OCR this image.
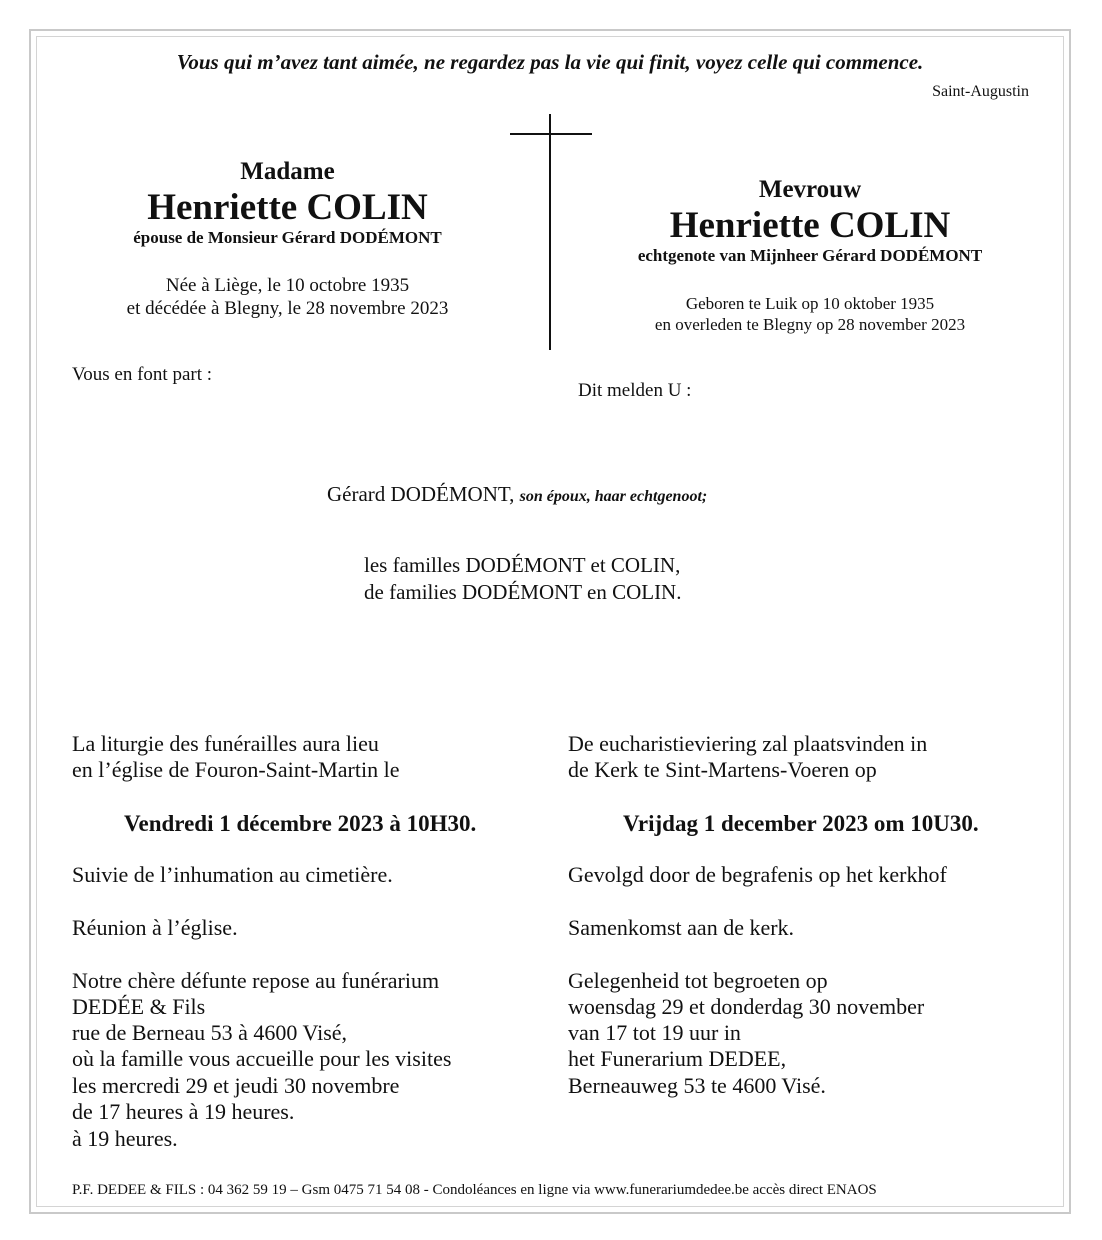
Vous qui m’avez tant aimée, ne regardez pas la vie qui finit, voyez celle qui commence.
Saint-Augustin
Madame
Henriette COLIN
épouse de Monsieur Gérard DODÉMONT
Née à Liège, le 10 octobre 1935
et décédée à Blegny, le 28 novembre 2023
Vous en font part :
Mevrouw
Henriette COLIN
echtgenote van Mijnheer Gérard DODÉMONT
Geboren te Luik op 10 oktober 1935
en overleden te Blegny op 28 november 2023
Dit melden U :
Gérard DODÉMONT, son époux, haar echtgenoot;
les familles DODÉMONT et COLIN,
de families DODÉMONT en COLIN.
La liturgie des funérailles aura lieu
en l’église de Fouron-Saint-Martin le
Vendredi 1 décembre 2023 à 10H30.
Suivie de l’inhumation au cimetière.
Réunion à l’église.
Notre chère défunte repose au funérarium
DEDÉE & Fils
rue de Berneau 53 à 4600 Visé,
où la famille vous accueille pour les visites
les mercredi 29 et jeudi 30 novembre
de 17 heures à 19 heures.
à 19 heures.
De eucharistieviering zal plaatsvinden in
de Kerk te Sint-Martens-Voeren op
Vrijdag 1 december 2023 om 10U30.
Gevolgd door de begrafenis op het kerkhof
Samenkomst aan de kerk.
Gelegenheid tot begroeten op
woensdag 29 et donderdag 30 november
van 17 tot 19 uur in
het Funerarium DEDEE,
Berneauweg 53 te 4600 Visé.
P.F. DEDEE & FILS : 04 362 59 19 – Gsm 0475 71 54 08 - Condoléances en ligne via www.funerariumdedee.be accès direct ENAOS
